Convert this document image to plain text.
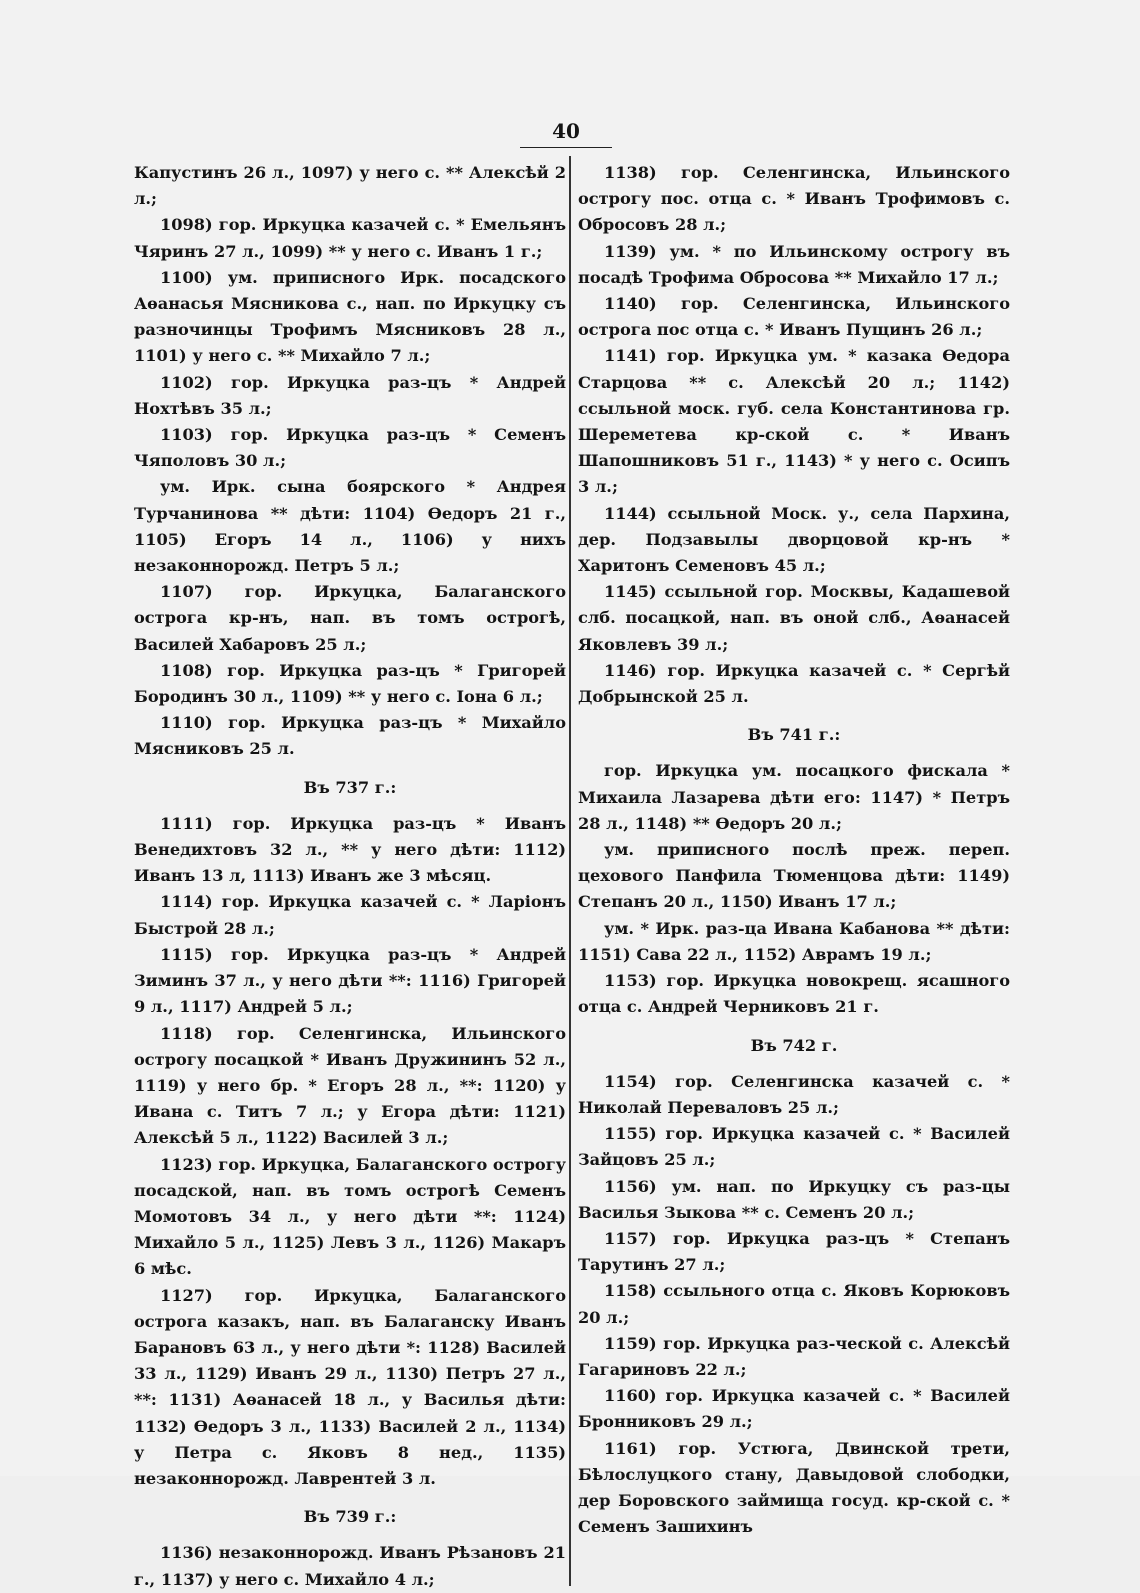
40

Капустинъ 26 л., 1097) у него с. ** Алексѣй 2 л.;

1098) гор. Иркуцка казачей с. * Емельянъ Чяринъ 27 л., 1099) ** у него с. Иванъ 1 г.;

1100) ум. приписного Ирк. посадского Аѳанасья Мясникова с., нап. по Иркуцку съ разночинцы Трофимъ Мясниковъ 28 л., 1101) у него с. ** Михайло 7 л.;

1102) гор. Иркуцка раз-цъ * Андрей Нохтѣвъ 35 л.;

1103) гор. Иркуцка раз-цъ * Семенъ Чяполовъ 30 л.;

ум. Ирк. сына боярского * Андрея Турчанинова ** дѣти: 1104) Ѳедоръ 21 г., 1105) Егоръ 14 л., 1106) у нихъ незаконнорожд. Петръ 5 л.;

1107) гор. Иркуцка, Балаганского острога кр-нъ, нап. въ томъ острогѣ, Василей Хабаровъ 25 л.;

1108) гор. Иркуцка раз-цъ * Григорей Бородинъ 30 л., 1109) ** у него с. Іона 6 л.;

1110) гор. Иркуцка раз-цъ * Михайло Мясниковъ 25 л.

Въ 737 г.:

1111) гор. Иркуцка раз-цъ * Иванъ Венедихтовъ 32 л., ** у него дѣти: 1112) Иванъ 13 л, 1113) Иванъ же 3 мѣсяц.

1114) гор. Иркуцка казачей с. * Ларіонъ Быстрой 28 л.;

1115) гор. Иркуцка раз-цъ * Андрей Зиминъ 37 л., у него дѣти **: 1116) Григорей 9 л., 1117) Андрей 5 л.;

1118) гор. Селенгинска, Ильинского острогу посацкой * Иванъ Дружининъ 52 л., 1119) у него бр. * Егоръ 28 л., **: 1120) у Ивана с. Титъ 7 л.; у Егора дѣти: 1121) Алексѣй 5 л., 1122) Василей 3 л.;

1123) гор. Иркуцка, Балаганского острогу посадской, нап. въ томъ острогѣ Семенъ Момотовъ 34 л., у него дѣти **: 1124) Михайло 5 л., 1125) Левъ 3 л., 1126) Макаръ 6 мѣс.

1127) гор. Иркуцка, Балаганского острога казакъ, нап. въ Балаганску Иванъ Барановъ 63 л., у него дѣти *: 1128) Василей 33 л., 1129) Иванъ 29 л., 1130) Петръ 27 л., **: 1131) Аѳанасей 18 л., у Василья дѣти: 1132) Ѳедоръ 3 л., 1133) Василей 2 л., 1134) у Петра с. Яковъ 8 нед., 1135) незаконнорожд. Лаврентей 3 л.

Въ 739 г.:

1136) незаконнорожд. Иванъ Рѣзановъ 21 г., 1137) у него с. Михайло 4 л.;

1138) гор. Селенгинска, Ильинского острогу пос. отца с. * Иванъ Трофимовъ с. Обросовъ 28 л.;

1139) ум. * по Ильинскому острогу въ посадѣ Трофима Обросова ** Михайло 17 л.;

1140) гор. Селенгинска, Ильинского острога пос отца с. * Иванъ Пущинъ 26 л.;

1141) гор. Иркуцка ум. * казака Ѳедора Старцова ** с. Алексѣй 20 л.; 1142) ссыльной моск. губ. села Константинова гр. Шереметева кр-ской с. * Иванъ Шапошниковъ 51 г., 1143) * у него с. Осипъ 3 л.;

1144) ссыльной Моск. у., села Пархина, дер. Подзавылы дворцовой кр-нъ * Харитонъ Семеновъ 45 л.;

1145) ссыльной гор. Москвы, Кадашевой слб. посацкой, нап. въ оной слб., Аѳанасей Яковлевъ 39 л.;

1146) гор. Иркуцка казачей с. * Сергѣй Добрынской 25 л.

Въ 741 г.:

гор. Иркуцка ум. посацкого фискала * Михаила Лазарева дѣти его: 1147) * Петръ 28 л., 1148) ** Ѳедоръ 20 л.;

ум. приписного послѣ преж. переп. цехового Панфила Тюменцова дѣти: 1149) Степанъ 20 л., 1150) Иванъ 17 л.;

ум. * Ирк. раз-ца Ивана Кабанова ** дѣти: 1151) Сава 22 л., 1152) Аврамъ 19 л.;

1153) гор. Иркуцка новокрещ. ясашного отца с. Андрей Черниковъ 21 г.

Въ 742 г.

1154) гор. Селенгинска казачей с. * Николай Переваловъ 25 л.;

1155) гор. Иркуцка казачей с. * Василей Зайцовъ 25 л.;

1156) ум. нап. по Иркуцку съ раз-цы Василья Зыкова ** с. Семенъ 20 л.;

1157) гор. Иркуцка раз-цъ * Степанъ Тарутинъ 27 л.;

1158) ссыльного отца с. Яковъ Корюковъ 20 л.;

1159) гор. Иркуцка раз-ческой с. Алексѣй Гагариновъ 22 л.;

1160) гор. Иркуцка казачей с. * Василей Бронниковъ 29 л.;

1161) гор. Устюга, Двинской трети, Бѣлослуцкого стану, Давыдовой слободки, дер Боровского займища госуд. кр-ской с. * Семенъ Зашихинъ
